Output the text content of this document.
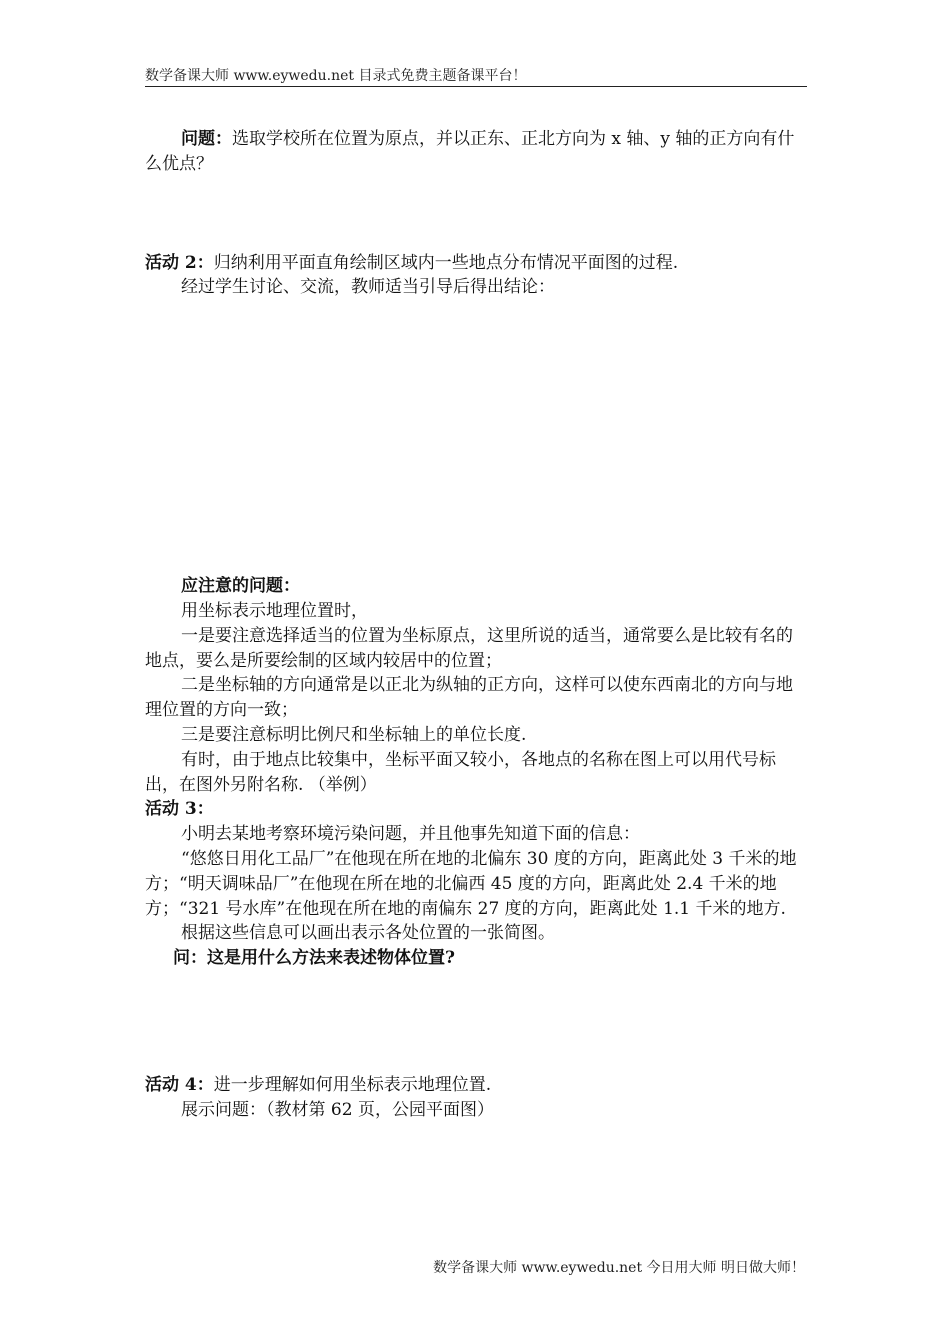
数学备课大师 www.eywedu.net 目录式免费主题备课平台！

问题：选取学校所在位置为原点，并以正东、正北方向为 x 轴、y 轴的正方向有什么优点？

活动 2：归纳利用平面直角绘制区域内一些地点分布情况平面图的过程.

经过学生讨论、交流，教师适当引导后得出结论：

应注意的问题：

用坐标表示地理位置时，

一是要注意选择适当的位置为坐标原点，这里所说的适当，通常要么是比较有名的地点，要么是所要绘制的区域内较居中的位置；

二是坐标轴的方向通常是以正北为纵轴的正方向，这样可以使东西南北的方向与地理位置的方向一致；

三是要注意标明比例尺和坐标轴上的单位长度.

有时，由于地点比较集中，坐标平面又较小，各地点的名称在图上可以用代号标出，在图外另附名称. （举例）

活动 3：

小明去某地考察环境污染问题，并且他事先知道下面的信息：

“悠悠日用化工品厂”在他现在所在地的北偏东 30 度的方向，距离此处 3 千米的地方；“明天调味品厂”在他现在所在地的北偏西 45 度的方向，距离此处 2.4 千米的地方；“321 号水库”在他现在所在地的南偏东 27 度的方向，距离此处 1.1 千米的地方.

根据这些信息可以画出表示各处位置的一张简图。

问：这是用什么方法来表述物体位置?

活动 4：进一步理解如何用坐标表示地理位置.

展示问题：（教材第 62 页，公园平面图）

数学备课大师 www.eywedu.net 今日用大师 明日做大师！
